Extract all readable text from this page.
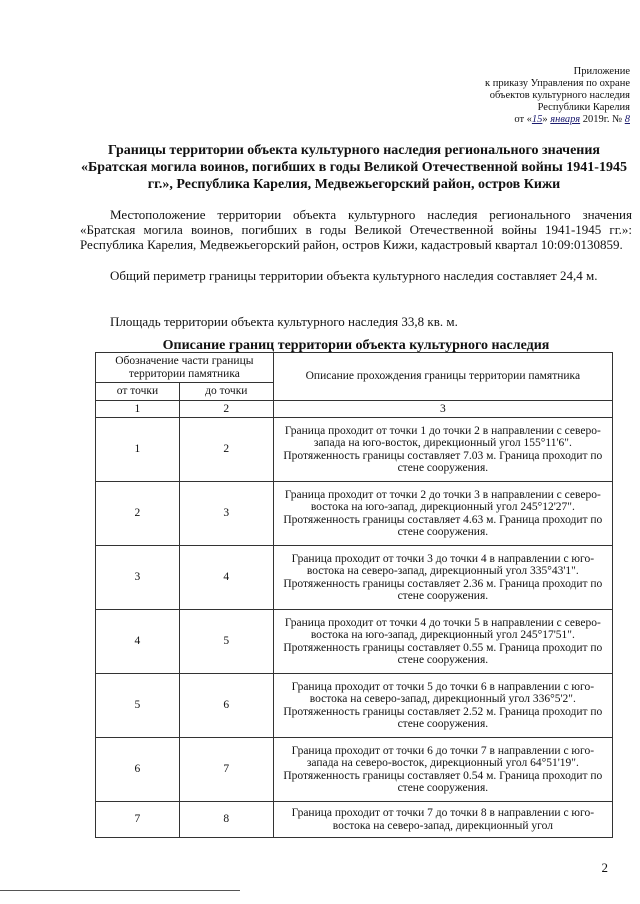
Приложение
к приказу Управления по охране
объектов культурного наследия
Республики Карелия
от «15» января 2019г. № 8
Границы территории объекта культурного наследия регионального значения «Братская могила воинов, погибших в годы Великой Отечественной войны 1941-1945 гг.», Республика Карелия, Медвежьегорский район, остров Кижи
Местоположение территории объекта культурного наследия регионального значения «Братская могила воинов, погибших в годы Великой Отечественной войны 1941-1945 гг.»: Республика Карелия, Медвежьегорский район, остров Кижи, кадастровый квартал 10:09:0130859.
Общий периметр границы территории объекта культурного наследия составляет 24,4 м.
Площадь территории объекта культурного наследия 33,8 кв. м.
Описание границ территории объекта культурного наследия
Обозначение части границы территории памятника		Описание прохождения границы территории памятника
от точки	до точки	
1	2	3
1	2	Граница проходит от точки 1 до точки 2 в направлении с северо-запада на юго-восток, дирекционный угол 155°11'6". Протяженность границы составляет 7.03 м. Граница проходит по стене сооружения.
2	3	Граница проходит от точки 2 до точки 3 в направлении с северо-востока на юго-запад, дирекционный угол 245°12'27". Протяженность границы составляет 4.63 м. Граница проходит по стене сооружения.
3	4	Граница проходит от точки 3 до точки 4 в направлении с юго-востока на северо-запад, дирекционный угол 335°43'1". Протяженность границы составляет 2.36 м. Граница проходит по стене сооружения.
4	5	Граница проходит от точки 4 до точки 5 в направлении с северо-востока на юго-запад, дирекционный угол 245°17'51". Протяженность границы составляет 0.55 м. Граница проходит по стене сооружения.
5	6	Граница проходит от точки 5 до точки 6 в направлении с юго-востока на северо-запад, дирекционный угол 336°5'2". Протяженность границы составляет 2.52 м. Граница проходит по стене сооружения.
6	7	Граница проходит от точки 6 до точки 7 в направлении с юго-запада на северо-восток, дирекционный угол 64°51'19". Протяженность границы составляет 0.54 м. Граница проходит по стене сооружения.
7	8	Граница проходит от точки 7 до точки 8 в направлении с юго-востока на северо-запад, дирекционный угол
2
